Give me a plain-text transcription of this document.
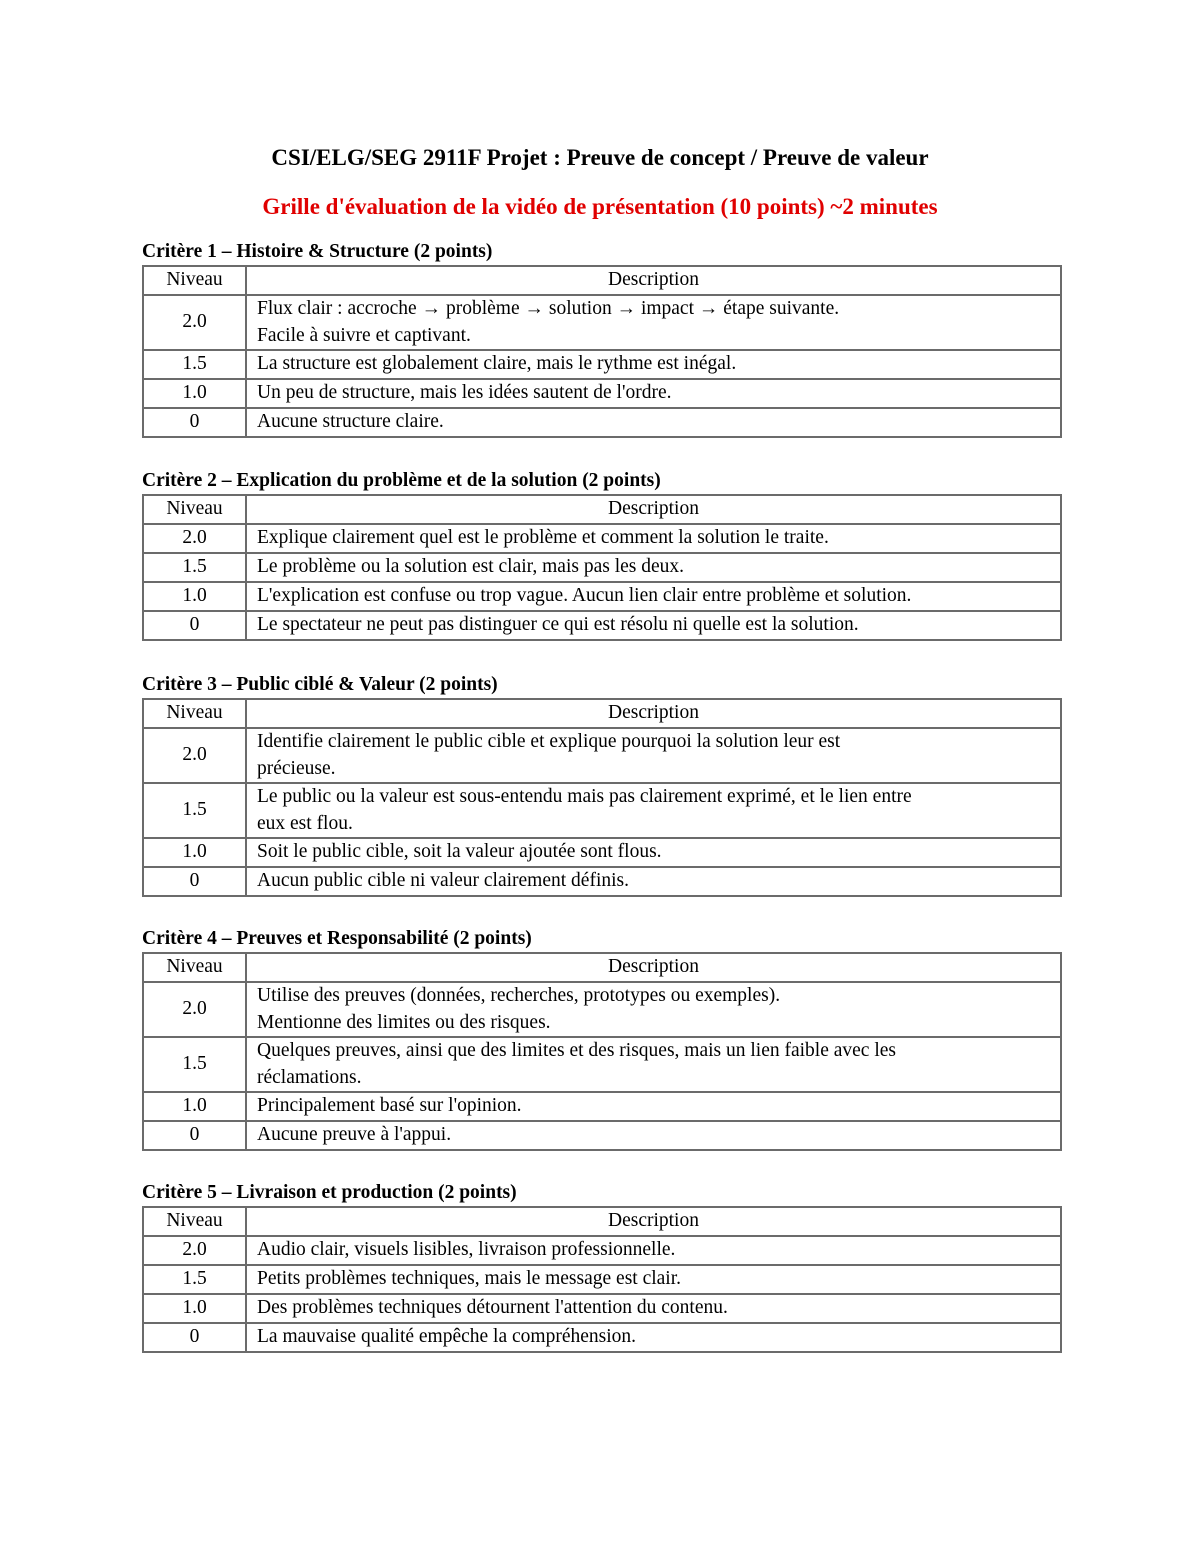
CSI/ELG/SEG 2911F Projet : Preuve de concept / Preuve de valeur
Grille d'évaluation de la vidéo de présentation (10 points) ~2 minutes

Critère 1 – Histoire & Structure (2 points)

Niveau	Description
2.0	Flux clair : accroche → problème → solution → impact → étape suivante.
Facile à suivre et captivant.

1.5	La structure est globalement claire, mais le rythme est inégal.

1.0	Un peu de structure, mais les idées sautent de l'ordre.

0	Aucune structure claire.

Critère 2 – Explication du problème et de la solution (2 points)

Niveau	Description
2.0	Explique clairement quel est le problème et comment la solution le traite.

1.5	Le problème ou la solution est clair, mais pas les deux.

1.0	L'explication est confuse ou trop vague. Aucun lien clair entre problème et solution.

0	Le spectateur ne peut pas distinguer ce qui est résolu ni quelle est la solution.

Critère 3 – Public ciblé & Valeur (2 points)

Niveau	Description
2.0	Identifie clairement le public cible et explique pourquoi la solution leur est
précieuse.

1.5	Le public ou la valeur est sous-entendu mais pas clairement exprimé, et le lien entre
eux est flou.

1.0	Soit le public cible, soit la valeur ajoutée sont flous.

0	Aucun public cible ni valeur clairement définis.

Critère 4 – Preuves et Responsabilité (2 points)

Niveau	Description
2.0	Utilise des preuves (données, recherches, prototypes ou exemples).
Mentionne des limites ou des risques.

1.5	Quelques preuves, ainsi que des limites et des risques, mais un lien faible avec les
réclamations.

1.0	Principalement basé sur l'opinion.

0	Aucune preuve à l'appui.

Critère 5 – Livraison et production (2 points)

Niveau	Description
2.0	Audio clair, visuels lisibles, livraison professionnelle.

1.5	Petits problèmes techniques, mais le message est clair.

1.0	Des problèmes techniques détournent l'attention du contenu.

0	La mauvaise qualité empêche la compréhension.
